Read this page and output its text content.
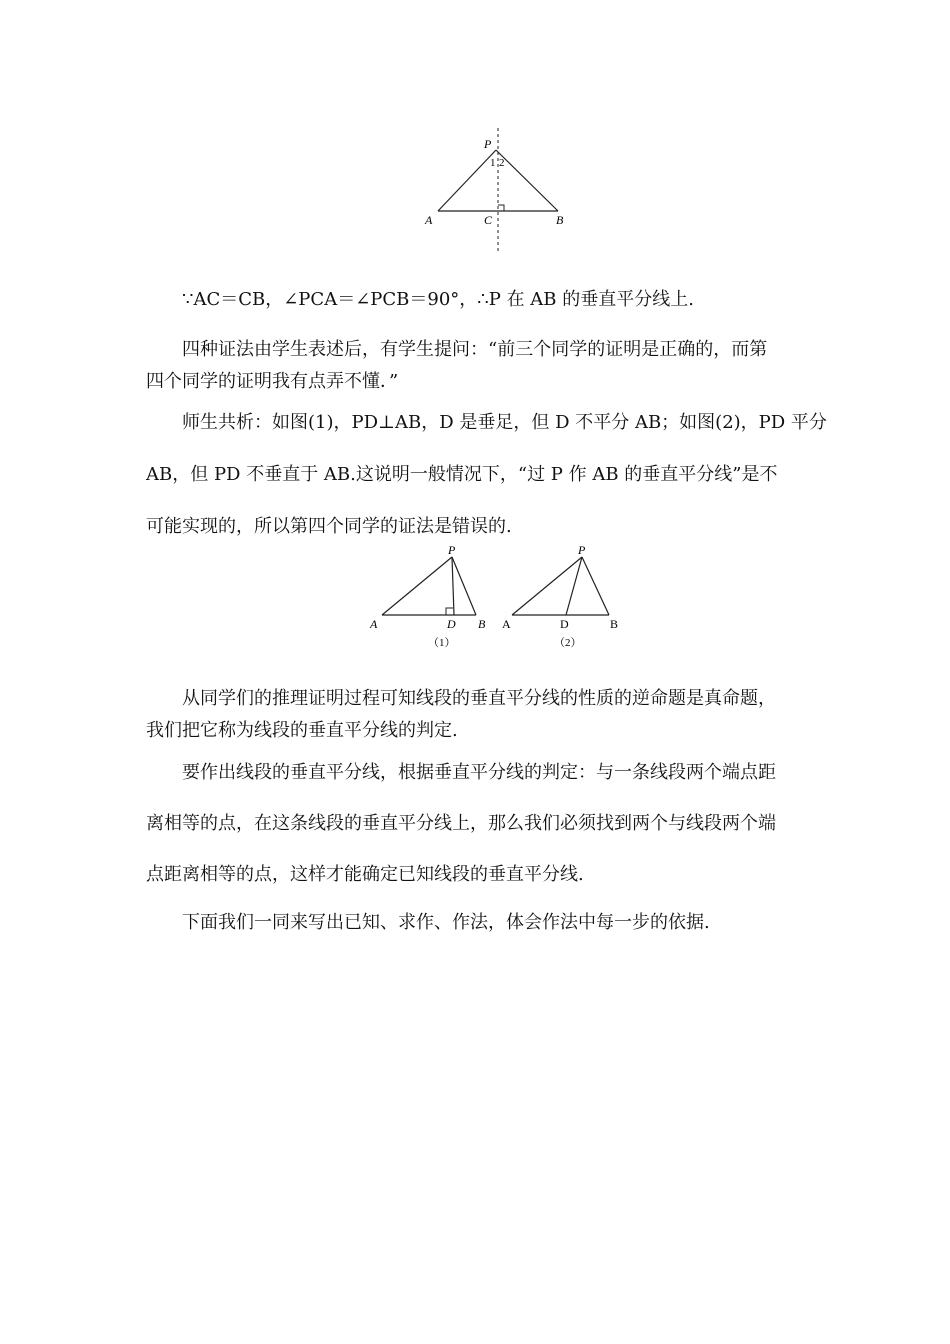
P
1 2
A	C	B
∵AC＝CB，∠PCA＝∠PCB＝90°，∴P 在 AB 的垂直平分线上.
四种证法由学生表述后，有学生提问：“前三个同学的证明是正确的，而第
四个同学的证明我有点弄不懂．”
师生共析：如图(1)，PD⊥AB，D 是垂足，但 D 不平分 AB；如图(2)，PD 平分
AB，但 PD 不垂直于 AB.这说明一般情况下，“过 P 作 AB 的垂直平分线”是不
可能实现的，所以第四个同学的证法是错误的.
P
A	D B
（1）
P
A	D	B
（2）
从同学们的推理证明过程可知线段的垂直平分线的性质的逆命题是真命题，
我们把它称为线段的垂直平分线的判定.
要作出线段的垂直平分线，根据垂直平分线的判定：与一条线段两个端点距
离相等的点，在这条线段的垂直平分线上，那么我们必须找到两个与线段两个端
点距离相等的点，这样才能确定已知线段的垂直平分线.
下面我们一同来写出已知、求作、作法，体会作法中每一步的依据.
